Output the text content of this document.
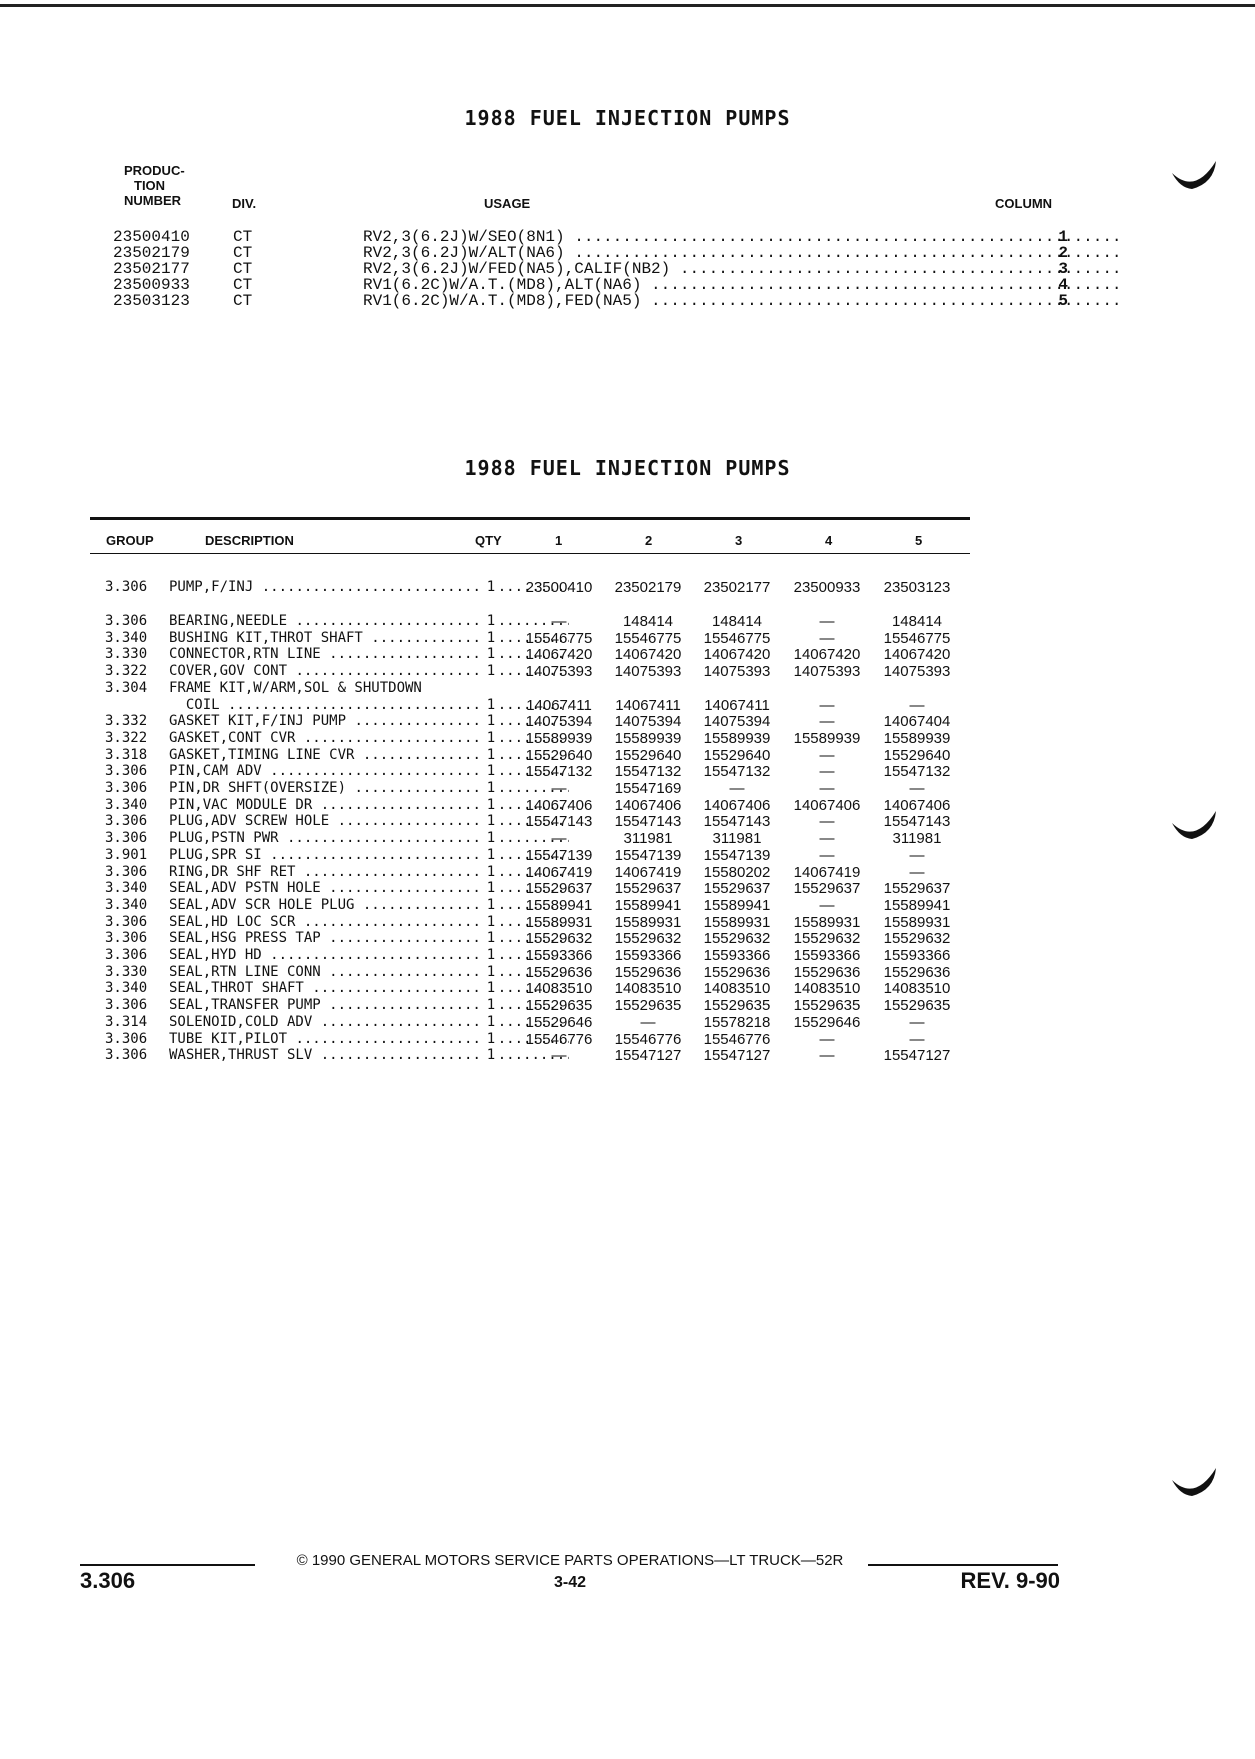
1988 FUEL INJECTION PUMPS
PRODUC-
TION
NUMBER	DIV.	USAGE	COLUMN
23500410	CT	RV2,3(6.2J)W/SEO(8N1) .....	1
23502179	CT	RV2,3(6.2J)W/ALT(NA6) .....	2
23502177	CT	RV2,3(6.2J)W/FED(NA5),CALIF(NB2) .....	3
23500933	CT	RV1(6.2C)W/A.T.(MD8),ALT(NA6) .....	4
23503123	CT	RV1(6.2C)W/A.T.(MD8),FED(NA5) .....	5
1988 FUEL INJECTION PUMPS
GROUP	DESCRIPTION	QTY	1	2	3	4	5
3.306 PUMP,F/INJ .....	1	23500410	23502179	23502177	23500933	23503123
3.306 BEARING,NEEDLE .....	1	—	148414	148414	—	148414
3.340 BUSHING KIT,THROT SHAFT .....	1	15546775	15546775	15546775	—	15546775
3.330 CONNECTOR,RTN LINE .....	1	14067420	14067420	14067420	14067420	14067420
3.322 COVER,GOV CONT .....	1	14075393	14075393	14075393	14075393	14075393
3.304 FRAME KIT,W/ARM,SOL & SHUTDOWN
COIL .....	1	14067411	14067411	14067411	—	—
3.332 GASKET KIT,F/INJ PUMP .....	1	14075394	14075394	14075394	—	14067404
3.322 GASKET,CONT CVR .....	1	15589939	15589939	15589939	15589939	15589939
3.318 GASKET,TIMING LINE CVR .....	1	15529640	15529640	15529640	—	15529640
3.306 PIN,CAM ADV .....	1	15547132	15547132	15547132	—	15547132
3.306 PIN,DR SHFT(OVERSIZE) .....	1	—	15547169	—	—	—
3.340 PIN,VAC MODULE DR .....	1	14067406	14067406	14067406	14067406	14067406
3.306 PLUG,ADV SCREW HOLE .....	1	15547143	15547143	15547143	—	15547143
3.306 PLUG,PSTN PWR .....	1	—	311981	311981	—	311981
3.901 PLUG,SPR SI .....	1	15547139	15547139	15547139	—	—
3.306 RING,DR SHF RET .....	1	14067419	14067419	15580202	14067419	—
3.340 SEAL,ADV PSTN HOLE .....	1	15529637	15529637	15529637	15529637	15529637
3.340 SEAL,ADV SCR HOLE PLUG .....	1	15589941	15589941	15589941	—	15589941
3.306 SEAL,HD LOC SCR .....	1	15589931	15589931	15589931	15589931	15589931
3.306 SEAL,HSG PRESS TAP .....	1	15529632	15529632	15529632	15529632	15529632
3.306 SEAL,HYD HD .....	1	15593366	15593366	15593366	15593366	15593366
3.330 SEAL,RTN LINE CONN .....	1	15529636	15529636	15529636	15529636	15529636
3.340 SEAL,THROT SHAFT .....	1	14083510	14083510	14083510	14083510	14083510
3.306 SEAL,TRANSFER PUMP .....	1	15529635	15529635	15529635	15529635	15529635
3.314 SOLENOID,COLD ADV .....	1	15529646	—	15578218	15529646	—
3.306 TUBE KIT,PILOT .....	1	15546776	15546776	15546776	—	—
3.306 WASHER,THRUST SLV .....	1	—	15547127	15547127	—	15547127
© 1990 GENERAL MOTORS SERVICE PARTS OPERATIONS—LT TRUCK—52R
3.306	3-42	REV. 9-90
